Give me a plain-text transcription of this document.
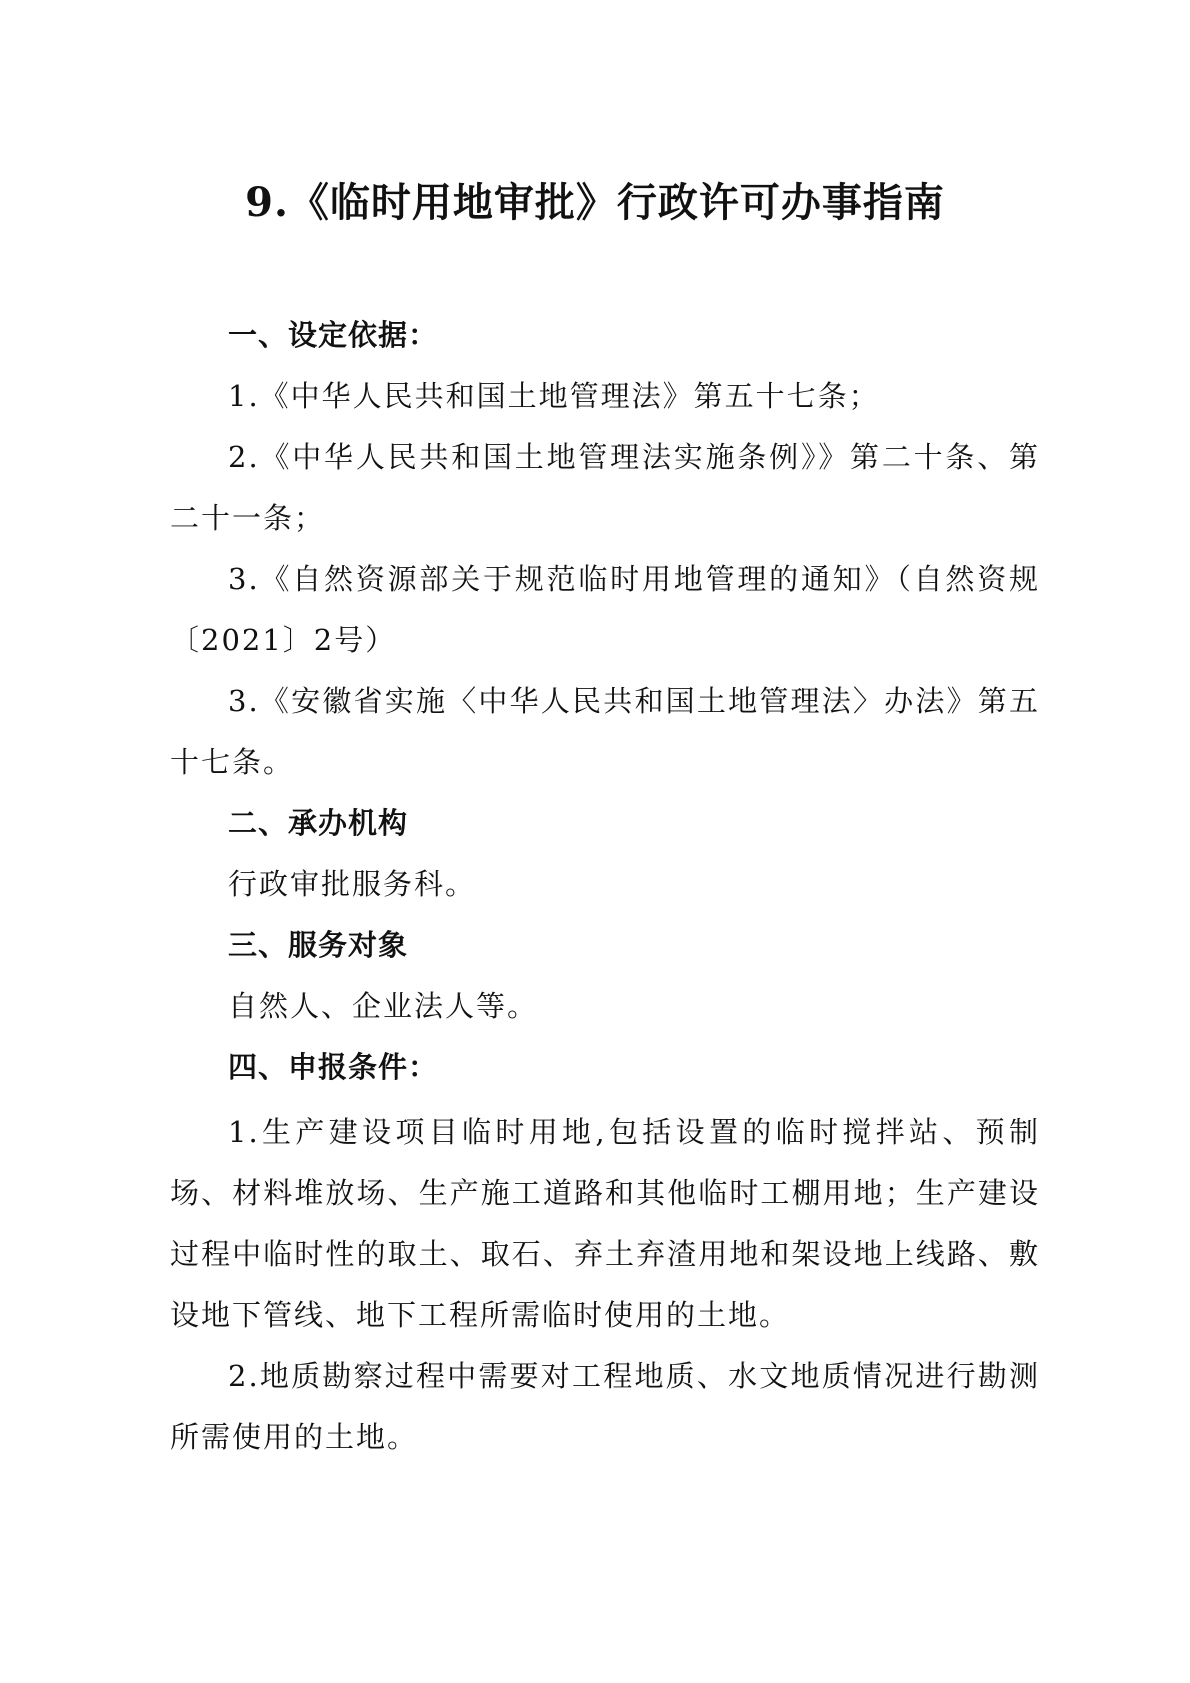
9.《临时用地审批》行政许可办事指南

一、设定依据：

1.《中华人民共和国土地管理法》第五十七条；

2.《中华人民共和国土地管理法实施条例》》第二十条、第二十一条；

3.《自然资源部关于规范临时用地管理的通知》（自然资规〔2021〕2号）

3.《安徽省实施〈中华人民共和国土地管理法〉办法》第五十七条。

二、承办机构

行政审批服务科。

三、服务对象

自然人、企业法人等。

四、申报条件：

1.生产建设项目临时用地,包括设置的临时搅拌站、预制场、材料堆放场、生产施工道路和其他临时工棚用地；生产建设过程中临时性的取土、取石、弃土弃渣用地和架设地上线路、敷设地下管线、地下工程所需临时使用的土地。

2.地质勘察过程中需要对工程地质、水文地质情况进行勘测所需使用的土地。
